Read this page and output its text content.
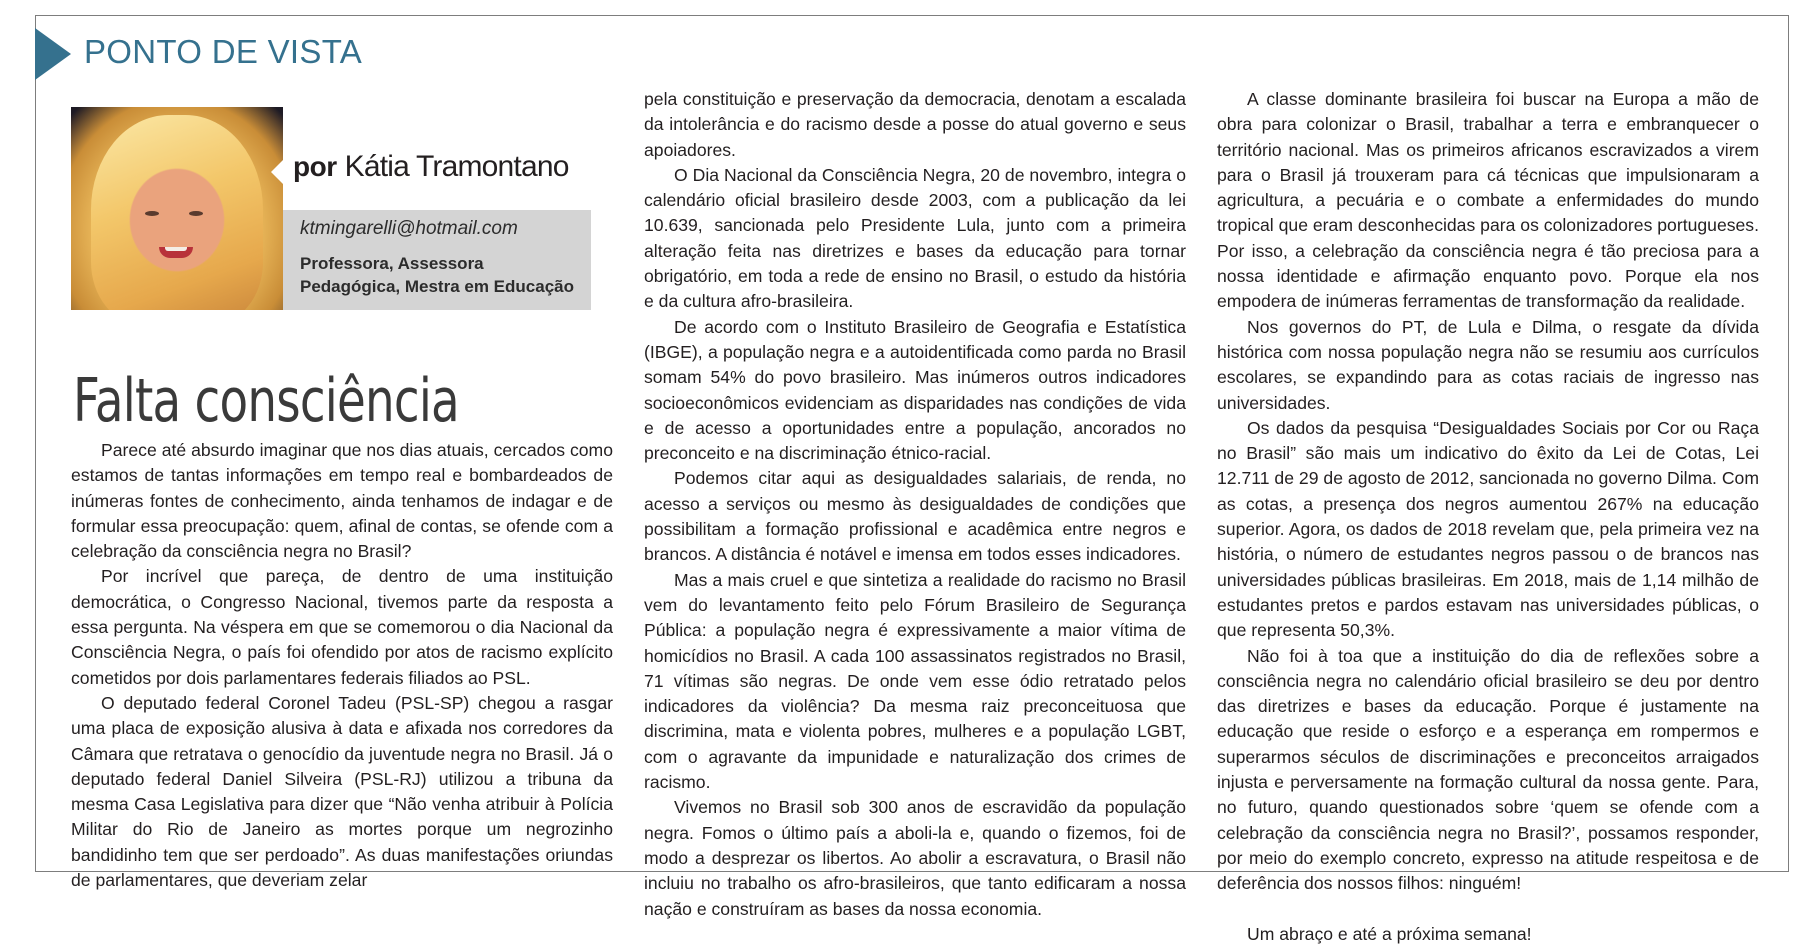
PONTO DE VISTA
por Kátia Tramontano
ktmingarelli@hotmail.com
Professora, Assessora
Pedagógica, Mestra em Educação
Falta consciência

Parece até absurdo imaginar que nos dias atuais, cercados como estamos de tantas informações em tempo real e bombardeados de inúmeras fontes de conhecimento, ainda tenhamos de indagar e de formular essa preocupação: quem, afinal de contas, se ofende com a celebração da consciência negra no Brasil?

Por incrível que pareça, de dentro de uma instituição democrática, o Congresso Nacional, tivemos parte da resposta a essa pergunta. Na véspera em que se comemorou o dia Nacional da Consciência Negra, o país foi ofendido por atos de racismo explícito cometidos por dois parlamentares federais filiados ao PSL.

O deputado federal Coronel Tadeu (PSL-SP) chegou a rasgar uma placa de exposição alusiva à data e afixada nos corredores da Câmara que retratava o genocídio da juventude negra no Brasil. Já o deputado federal Daniel Silveira (PSL-RJ) utilizou a tribuna da mesma Casa Legislativa para dizer que “Não venha atribuir à Polícia Militar do Rio de Janeiro as mortes porque um negrozinho bandidinho tem que ser perdoado”. As duas manifestações oriundas de parlamentares, que deveriam zelar

pela constituição e preservação da democracia, denotam a escalada da intolerância e do racismo desde a posse do atual governo e seus apoiadores.

O Dia Nacional da Consciência Negra, 20 de novembro, integra o calendário oficial brasileiro desde 2003, com a publicação da lei 10.639, sancionada pelo Presidente Lula, junto com a primeira alteração feita nas diretrizes e bases da educação para tornar obrigatório, em toda a rede de ensino no Brasil, o estudo da história e da cultura afro-brasileira.

De acordo com o Instituto Brasileiro de Geografia e Estatística (IBGE), a população negra e a autoidentificada como parda no Brasil somam 54% do povo brasileiro. Mas inúmeros outros indicadores socioeconômicos evidenciam as disparidades nas condições de vida e de acesso a oportunidades entre a população, ancorados no preconceito e na discriminação étnico-racial.

Podemos citar aqui as desigualdades salariais, de renda, no acesso a serviços ou mesmo às desigualdades de condições que possibilitam a formação profissional e acadêmica entre negros e brancos. A distância é notável e imensa em todos esses indicadores.

Mas a mais cruel e que sintetiza a realidade do racismo no Brasil vem do levantamento feito pelo Fórum Brasileiro de Segurança Pública: a população negra é expressivamente a maior vítima de homicídios no Brasil. A cada 100 assassinatos registrados no Brasil, 71 vítimas são negras. De onde vem esse ódio retratado pelos indicadores da violência? Da mesma raiz preconceituosa que discrimina, mata e violenta pobres, mulheres e a população LGBT, com o agravante da impunidade e naturalização dos crimes de racismo.

Vivemos no Brasil sob 300 anos de escravidão da população negra. Fomos o último país a aboli-la e, quando o fizemos, foi de modo a desprezar os libertos. Ao abolir a escravatura, o Brasil não incluiu no trabalho os afro-brasileiros, que tanto edificaram a nossa nação e construíram as bases da nossa economia.

A classe dominante brasileira foi buscar na Europa a mão de obra para colonizar o Brasil, trabalhar a terra e embranquecer o território nacional. Mas os primeiros africanos escravizados a virem para o Brasil já trouxeram para cá técnicas que impulsionaram a agricultura, a pecuária e o combate a enfermidades do mundo tropical que eram desconhecidas para os colonizadores portugueses. Por isso, a celebração da consciência negra é tão preciosa para a nossa identidade e afirmação enquanto povo. Porque ela nos empodera de inúmeras ferramentas de transformação da realidade.

Nos governos do PT, de Lula e Dilma, o resgate da dívida histórica com nossa população negra não se resumiu aos currículos escolares, se expandindo para as cotas raciais de ingresso nas universidades.

Os dados da pesquisa “Desigualdades Sociais por Cor ou Raça no Brasil” são mais um indicativo do êxito da Lei de Cotas, Lei 12.711 de 29 de agosto de 2012, sancionada no governo Dilma. Com as cotas, a presença dos negros aumentou 267% na educação superior. Agora, os dados de 2018 revelam que, pela primeira vez na história, o número de estudantes negros passou o de brancos nas universidades públicas brasileiras. Em 2018, mais de 1,14 milhão de estudantes pretos e pardos estavam nas universidades públicas, o que representa 50,3%.

Não foi à toa que a instituição do dia de reflexões sobre a consciência negra no calendário oficial brasileiro se deu por dentro das diretrizes e bases da educação. Porque é justamente na educação que reside o esforço e a esperança em rompermos e superarmos séculos de discriminações e preconceitos arraigados injusta e perversamente na formação cultural da nossa gente. Para, no futuro, quando questionados sobre ‘quem se ofende com a celebração da consciência negra no Brasil?’, possamos responder, por meio do exemplo concreto, expresso na atitude respeitosa e de deferência dos nossos filhos: ninguém!

Um abraço e até a próxima semana!
